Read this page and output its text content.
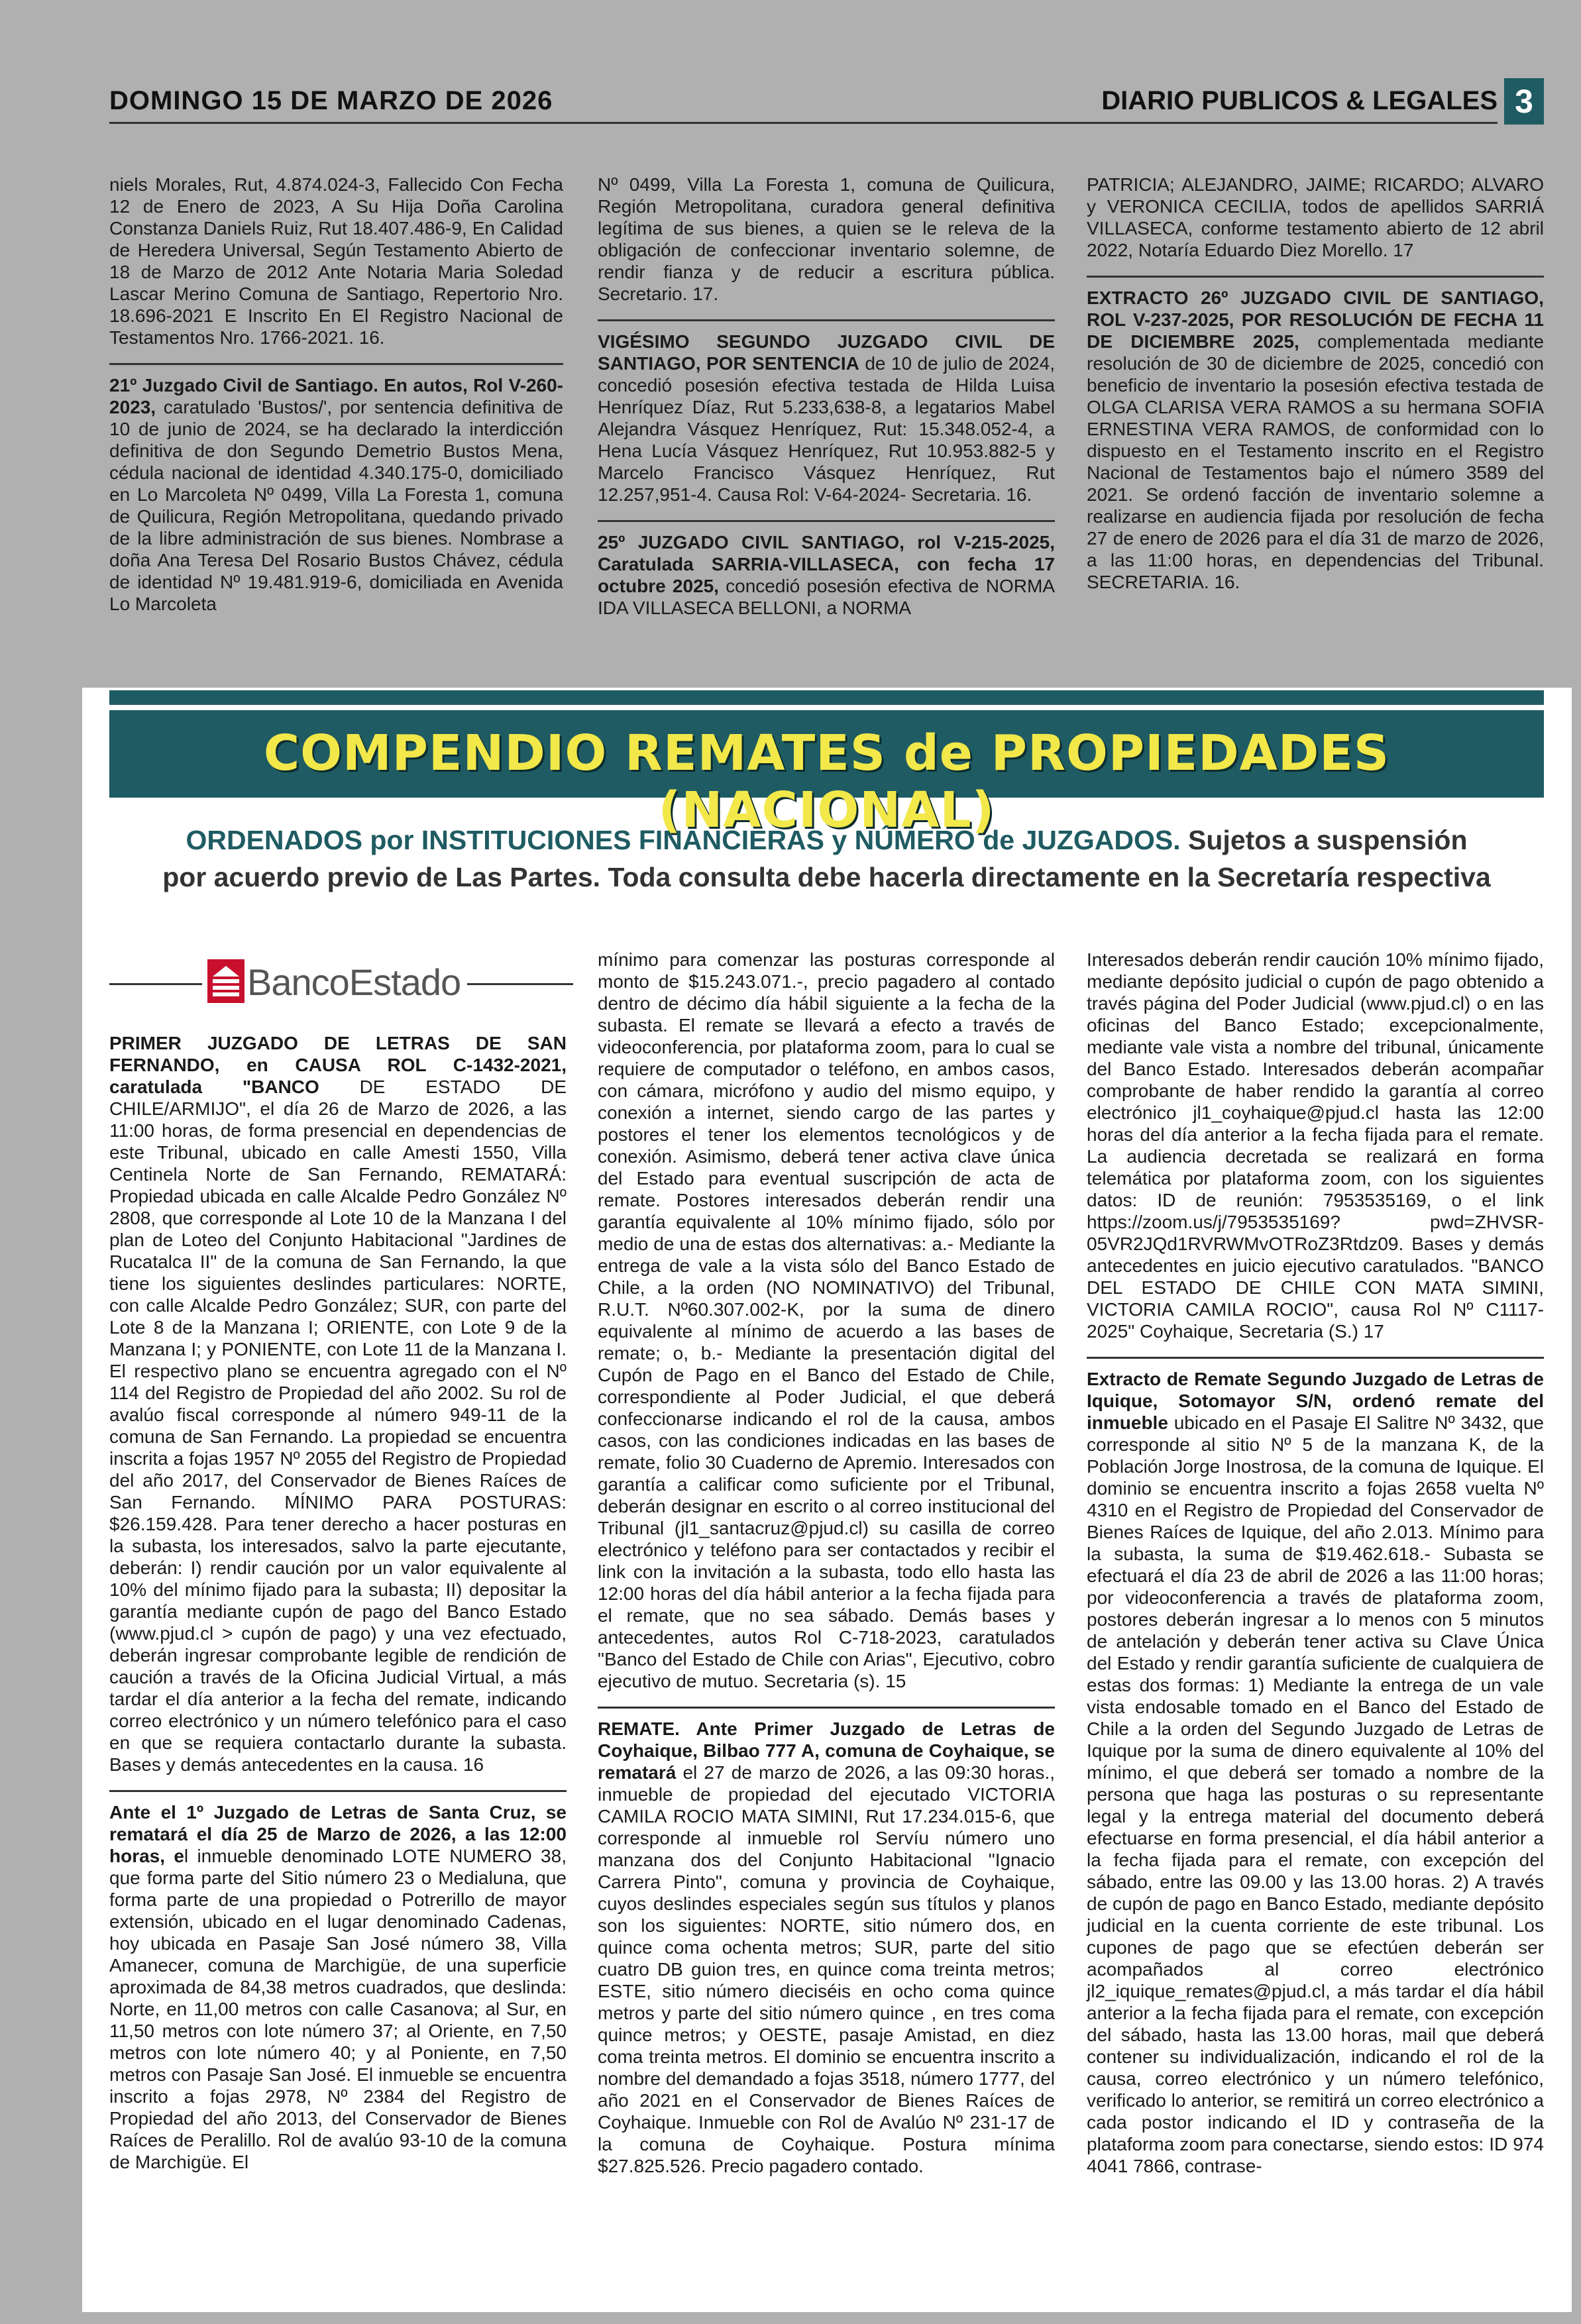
DOMINGO 15 DE MARZO DE 2026	DIARIO PUBLICOS & LEGALES 3

niels Morales, Rut, 4.874.024-3, Fallecido Con Fecha 12 de Enero de 2023, A Su Hija Doña Carolina Constanza Daniels Ruiz, Rut 18.407.486-9, En Calidad de Heredera Universal, Según Testamento Abierto de 18 de Marzo de 2012 Ante Notaria Maria Soledad Lascar Merino Comuna de Santiago, Repertorio Nro. 18.696-2021 E Inscrito En El Registro Nacional de Testamentos Nro. 1766-2021. 16.

21º Juzgado Civil de Santiago. En autos, Rol V-260-2023, caratulado 'Bustos/', por sentencia definitiva de 10 de junio de 2024, se ha declarado la interdicción definitiva de don Segundo Demetrio Bustos Mena, cédula nacional de identidad 4.340.175-0, domiciliado en Lo Marcoleta Nº 0499, Villa La Foresta 1, comuna de Quilicura, Región Metropolitana, quedando privado de la libre administración de sus bienes. Nombrase a doña Ana Teresa Del Rosario Bustos Chávez, cédula de identidad Nº 19.481.919-6, domiciliada en Avenida Lo Marcoleta

Nº 0499, Villa La Foresta 1, comuna de Quilicura, Región Metropolitana, curadora general definitiva legítima de sus bienes, a quien se le releva de la obligación de confeccionar inventario solemne, de rendir fianza y de reducir a escritura pública. Secretario. 17.

VIGÉSIMO SEGUNDO JUZGADO CIVIL DE SANTIAGO, POR SENTENCIA de 10 de julio de 2024, concedió posesión efectiva testada de Hilda Luisa Henríquez Díaz, Rut 5.233,638-8, a legatarios Mabel Alejandra Vásquez Henríquez, Rut: 15.348.052-4, a Hena Lucía Vásquez Henríquez, Rut 10.953.882-5 y Marcelo Francisco Vásquez Henríquez, Rut 12.257,951-4. Causa Rol: V-64-2024- Secretaria. 16.

25º JUZGADO CIVIL SANTIAGO, rol V-215-2025, Caratulada SARRIA-VILLASECA, con fecha 17 octubre 2025, concedió posesión efectiva de NORMA IDA VILLASECA BELLONI, a NORMA

PATRICIA; ALEJANDRO, JAIME; RICARDO; ALVARO y VERONICA CECILIA, todos de apellidos SARRIÁ VILLASECA, conforme testamento abierto de 12 abril 2022, Notaría Eduardo Diez Morello. 17

EXTRACTO 26º JUZGADO CIVIL DE SANTIAGO, ROL V-237-2025, POR RESOLUCIÓN DE FECHA 11 DE DICIEMBRE 2025, complementada mediante resolución de 30 de diciembre de 2025, concedió con beneficio de inventario la posesión efectiva testada de OLGA CLARISA VERA RAMOS a su hermana SOFIA ERNESTINA VERA RAMOS, de conformidad con lo dispuesto en el Testamento inscrito en el Registro Nacional de Testamentos bajo el número 3589 del 2021. Se ordenó facción de inventario solemne a realizarse en audiencia fijada por resolución de fecha 27 de enero de 2026 para el día 31 de marzo de 2026, a las 11:00 horas, en dependencias del Tribunal. SECRETARIA. 16.

COMPENDIO REMATES de PROPIEDADES (NACIONAL)
ORDENADOS por INSTITUCIONES FINANCIERAS y NÚMERO de JUZGADOS. Sujetos a suspensión
por acuerdo previo de Las Partes. Toda consulta debe hacerla directamente en la Secretaría respectiva
BancoEstado

PRIMER JUZGADO DE LETRAS DE SAN FERNANDO, en CAUSA ROL C-1432-2021, caratulada "BANCO DE ESTADO DE CHILE/ARMIJO", el día 26 de Marzo de 2026, a las 11:00 horas, de forma presencial en dependencias de este Tribunal, ubicado en calle Amesti 1550, Villa Centinela Norte de San Fernando, REMATARÁ: Propiedad ubicada en calle Alcalde Pedro González Nº 2808, que corresponde al Lote 10 de la Manzana I del plan de Loteo del Conjunto Habitacional "Jardines de Rucatalca II" de la comuna de San Fernando, la que tiene los siguientes deslindes particulares: NORTE, con calle Alcalde Pedro González; SUR, con parte del Lote 8 de la Manzana I; ORIENTE, con Lote 9 de la Manzana I; y PONIENTE, con Lote 11 de la Manzana I. El respectivo plano se encuentra agregado con el Nº 114 del Registro de Propiedad del año 2002. Su rol de avalúo fiscal corresponde al número 949-11 de la comuna de San Fernando. La propiedad se encuentra inscrita a fojas 1957 Nº 2055 del Registro de Propiedad del año 2017, del Conservador de Bienes Raíces de San Fernando. MÍNIMO PARA POSTURAS: $26.159.428. Para tener derecho a hacer posturas en la subasta, los interesados, salvo la parte ejecutante, deberán: I) rendir caución por un valor equivalente al 10% del mínimo fijado para la subasta; II) depositar la garantía mediante cupón de pago del Banco Estado (www.pjud.cl > cupón de pago) y una vez efectuado, deberán ingresar comprobante legible de rendición de caución a través de la Oficina Judicial Virtual, a más tardar el día anterior a la fecha del remate, indicando correo electrónico y un número telefónico para el caso en que se requiera contactarlo durante la subasta. Bases y demás antecedentes en la causa. 16

Ante el 1º Juzgado de Letras de Santa Cruz, se rematará el día 25 de Marzo de 2026, a las 12:00 horas, el inmueble denominado LOTE NUMERO 38, que forma parte del Sitio número 23 o Medialuna, que forma parte de una propiedad o Potrerillo de mayor extensión, ubicado en el lugar denominado Cadenas, hoy ubicada en Pasaje San José número 38, Villa Amanecer, comuna de Marchigüe, de una superficie aproximada de 84,38 metros cuadrados, que deslinda: Norte, en 11,00 metros con calle Casanova; al Sur, en 11,50 metros con lote número 37; al Oriente, en 7,50 metros con lote número 40; y al Poniente, en 7,50 metros con Pasaje San José. El inmueble se encuentra inscrito a fojas 2978, Nº 2384 del Registro de Propiedad del año 2013, del Conservador de Bienes Raíces de Peralillo. Rol de avalúo 93-10 de la comuna de Marchigüe. El

mínimo para comenzar las posturas corresponde al monto de $15.243.071.-, precio pagadero al contado dentro de décimo día hábil siguiente a la fecha de la subasta. El remate se llevará a efecto a través de videoconferencia, por plataforma zoom, para lo cual se requiere de computador o teléfono, en ambos casos, con cámara, micrófono y audio del mismo equipo, y conexión a internet, siendo cargo de las partes y postores el tener los elementos tecnológicos y de conexión. Asimismo, deberá tener activa clave única del Estado para eventual suscripción de acta de remate. Postores interesados deberán rendir una garantía equivalente al 10% mínimo fijado, sólo por medio de una de estas dos alternativas: a.- Mediante la entrega de vale a la vista sólo del Banco Estado de Chile, a la orden (NO NOMINATIVO) del Tribunal, R.U.T. Nº60.307.002-K, por la suma de dinero equivalente al mínimo de acuerdo a las bases de remate; o, b.- Mediante la presentación digital del Cupón de Pago en el Banco del Estado de Chile, correspondiente al Poder Judicial, el que deberá confeccionarse indicando el rol de la causa, ambos casos, con las condiciones indicadas en las bases de remate, folio 30 Cuaderno de Apremio. Interesados con garantía a calificar como suficiente por el Tribunal, deberán designar en escrito o al correo institucional del Tribunal (jl1_santacruz@pjud.cl) su casilla de correo electrónico y teléfono para ser contactados y recibir el link con la invitación a la subasta, todo ello hasta las 12:00 horas del día hábil anterior a la fecha fijada para el remate, que no sea sábado. Demás bases y antecedentes, autos Rol C-718-2023, caratulados "Banco del Estado de Chile con Arias", Ejecutivo, cobro ejecutivo de mutuo. Secretaria (s). 15

REMATE. Ante Primer Juzgado de Letras de Coyhaique, Bilbao 777 A, comuna de Coyhaique, se rematará el 27 de marzo de 2026, a las 09:30 horas., inmueble de propiedad del ejecutado VICTORIA CAMILA ROCIO MATA SIMINI, Rut 17.234.015-6, que corresponde al inmueble rol Servíu número uno manzana dos del Conjunto Habitacional "Ignacio Carrera Pinto", comuna y provincia de Coyhaique, cuyos deslindes especiales según sus títulos y planos son los siguientes: NORTE, sitio número dos, en quince coma ochenta metros; SUR, parte del sitio cuatro DB guion tres, en quince coma treinta metros; ESTE, sitio número dieciséis en ocho coma quince metros y parte del sitio número quince , en tres coma quince metros; y OESTE, pasaje Amistad, en diez coma treinta metros. El dominio se encuentra inscrito a nombre del demandado a fojas 3518, número 1777, del año 2021 en el Conservador de Bienes Raíces de Coyhaique. Inmueble con Rol de Avalúo Nº 231-17 de la comuna de Coyhaique. Postura mínima $27.825.526. Precio pagadero contado.

Interesados deberán rendir caución 10% mínimo fijado, mediante depósito judicial o cupón de pago obtenido a través página del Poder Judicial (www.pjud.cl) o en las oficinas del Banco Estado; excepcionalmente, mediante vale vista a nombre del tribunal, únicamente del Banco Estado. Interesados deberán acompañar comprobante de haber rendido la garantía al correo electrónico jl1_coyhaique@pjud.cl hasta las 12:00 horas del día anterior a la fecha fijada para el remate. La audiencia decretada se realizará en forma telemática por plataforma zoom, con los siguientes datos: ID de reunión: 7953535169, o el link https://zoom.us/j/7953535169? pwd=ZHVSR-05VR2JQd1RVRWMvOTRoZ3Rtdz09. Bases y demás antecedentes en juicio ejecutivo caratulados. "BANCO DEL ESTADO DE CHILE CON MATA SIMINI, VICTORIA CAMILA ROCIO", causa Rol Nº C1117-2025" Coyhaique, Secretaria (S.) 17

Extracto de Remate Segundo Juzgado de Letras de Iquique, Sotomayor S/N, ordenó remate del inmueble ubicado en el Pasaje El Salitre Nº 3432, que corresponde al sitio Nº 5 de la manzana K, de la Población Jorge Inostrosa, de la comuna de Iquique. El dominio se encuentra inscrito a fojas 2658 vuelta Nº 4310 en el Registro de Propiedad del Conservador de Bienes Raíces de Iquique, del año 2.013. Mínimo para la subasta, la suma de $19.462.618.- Subasta se efectuará el día 23 de abril de 2026 a las 11:00 horas; por videoconferencia a través de plataforma zoom, postores deberán ingresar a lo menos con 5 minutos de antelación y deberán tener activa su Clave Única del Estado y rendir garantía suficiente de cualquiera de estas dos formas: 1) Mediante la entrega de un vale vista endosable tomado en el Banco del Estado de Chile a la orden del Segundo Juzgado de Letras de Iquique por la suma de dinero equivalente al 10% del mínimo, el que deberá ser tomado a nombre de la persona que haga las posturas o su representante legal y la entrega material del documento deberá efectuarse en forma presencial, el día hábil anterior a la fecha fijada para el remate, con excepción del sábado, entre las 09.00 y las 13.00 horas. 2) A través de cupón de pago en Banco Estado, mediante depósito judicial en la cuenta corriente de este tribunal. Los cupones de pago que se efectúen deberán ser acompañados al correo electrónico jl2_iquique_remates@pjud.cl, a más tardar el día hábil anterior a la fecha fijada para el remate, con excepción del sábado, hasta las 13.00 horas, mail que deberá contener su individualización, indicando el rol de la causa, correo electrónico y un número telefónico, verificado lo anterior, se remitirá un correo electrónico a cada postor indicando el ID y contraseña de la plataforma zoom para conectarse, siendo estos: ID 974 4041 7866, contrase-
